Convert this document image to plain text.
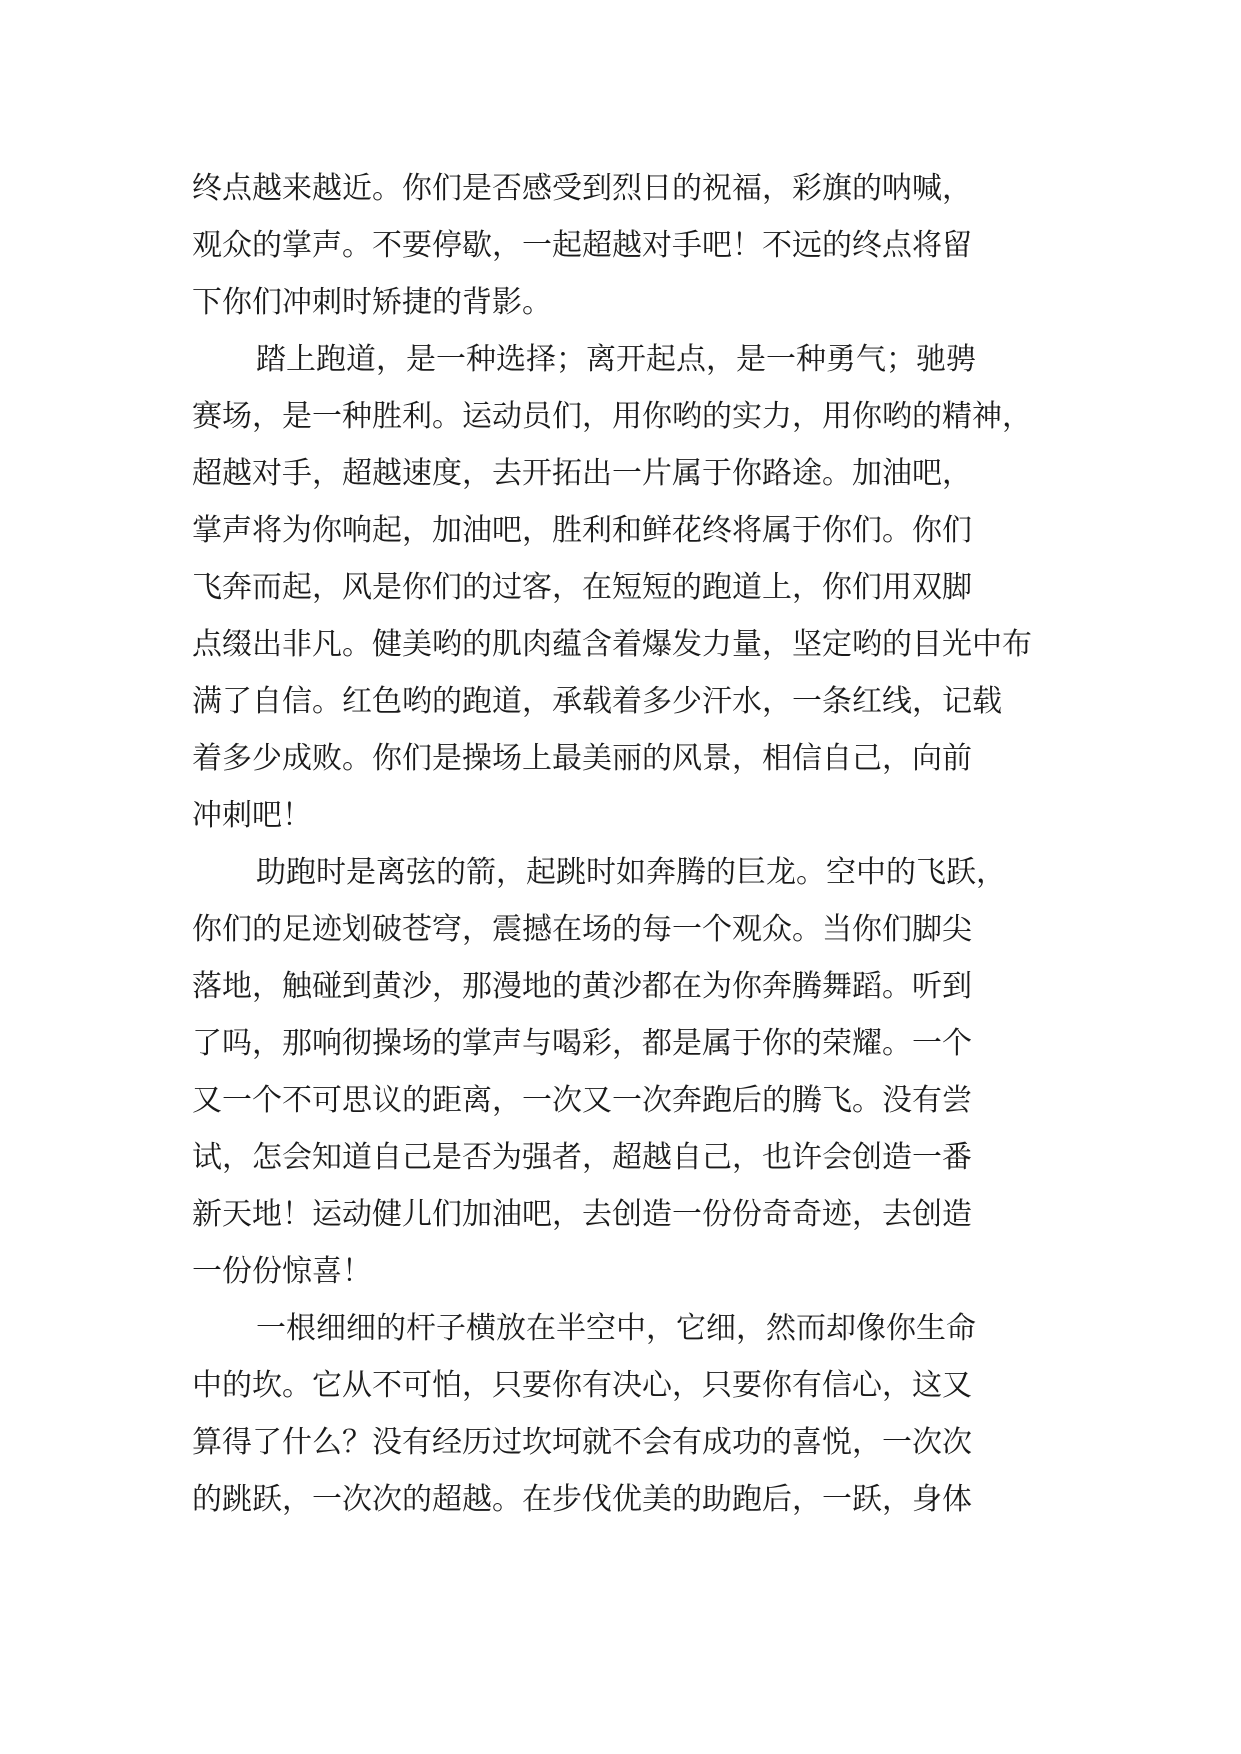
终点越来越近。你们是否感受到烈日的祝福，彩旗的呐喊，
观众的掌声。不要停歇，一起超越对手吧！不远的终点将留
下你们冲刺时矫捷的背影。
踏上跑道，是一种选择；离开起点，是一种勇气；驰骋
赛场，是一种胜利。运动员们，用你哟的实力，用你哟的精神，
超越对手，超越速度，去开拓出一片属于你路途。加油吧，
掌声将为你响起，加油吧，胜利和鲜花终将属于你们。你们
飞奔而起，风是你们的过客，在短短的跑道上，你们用双脚
点缀出非凡。健美哟的肌肉蕴含着爆发力量，坚定哟的目光中布
满了自信。红色哟的跑道，承载着多少汗水，一条红线，记载
着多少成败。你们是操场上最美丽的风景，相信自己，向前
冲刺吧！
助跑时是离弦的箭，起跳时如奔腾的巨龙。空中的飞跃，
你们的足迹划破苍穹，震撼在场的每一个观众。当你们脚尖
落地，触碰到黄沙，那漫地的黄沙都在为你奔腾舞蹈。听到
了吗，那响彻操场的掌声与喝彩，都是属于你的荣耀。一个
又一个不可思议的距离，一次又一次奔跑后的腾飞。没有尝
试，怎会知道自己是否为强者，超越自己，也许会创造一番
新天地！运动健儿们加油吧，去创造一份份奇奇迹，去创造
一份份惊喜！
一根细细的杆子横放在半空中，它细，然而却像你生命
中的坎。它从不可怕，只要你有决心，只要你有信心，这又
算得了什么？没有经历过坎坷就不会有成功的喜悦，一次次
的跳跃，一次次的超越。在步伐优美的助跑后，一跃，身体
